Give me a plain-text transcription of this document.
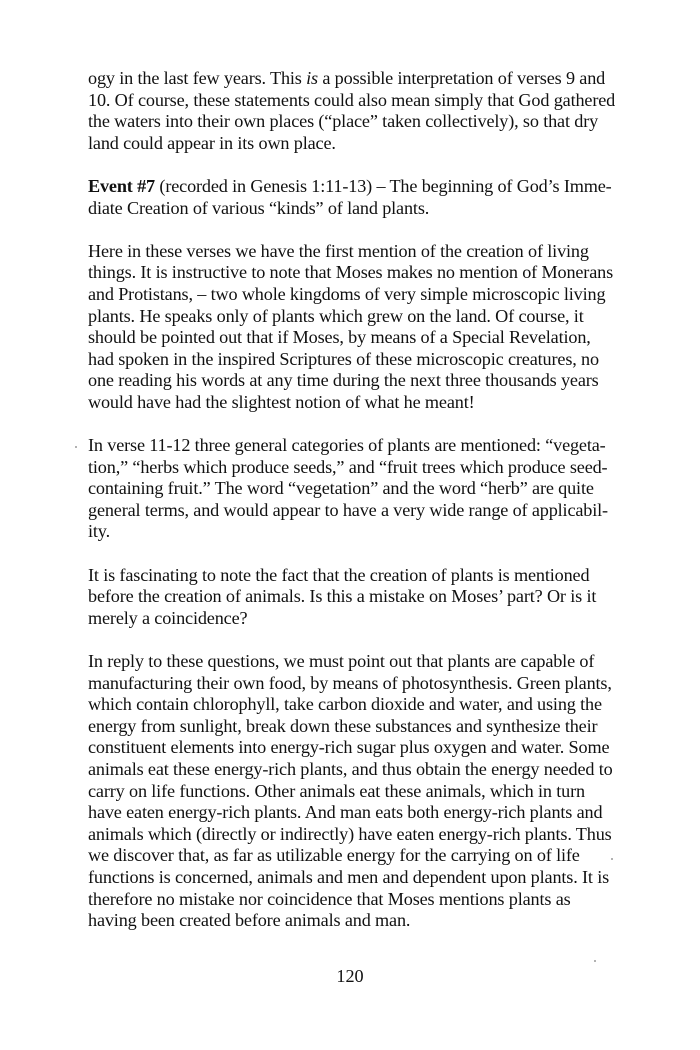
ogy in the last few years. This is a possible interpretation of verses 9 and
10. Of course, these statements could also mean simply that God gathered
the waters into their own places (“place” taken collectively), so that dry
land could appear in its own place.
Event #7 (recorded in Genesis 1:11-13) – The beginning of God’s Imme-
diate Creation of various “kinds” of land plants.
Here in these verses we have the first mention of the creation of living
things. It is instructive to note that Moses makes no mention of Monerans
and Protistans, – two whole kingdoms of very simple microscopic living
plants. He speaks only of plants which grew on the land. Of course, it
should be pointed out that if Moses, by means of a Special Revelation,
had spoken in the inspired Scriptures of these microscopic creatures, no
one reading his words at any time during the next three thousands years
would have had the slightest notion of what he meant!
In verse 11-12 three general categories of plants are mentioned: “vegeta-
tion,” “herbs which produce seeds,” and “fruit trees which produce seed-
containing fruit.” The word “vegetation” and the word “herb” are quite
general terms, and would appear to have a very wide range of applicabil-
ity.
It is fascinating to note the fact that the creation of plants is mentioned
before the creation of animals. Is this a mistake on Moses’ part? Or is it
merely a coincidence?
In reply to these questions, we must point out that plants are capable of
manufacturing their own food, by means of photosynthesis. Green plants,
which contain chlorophyll, take carbon dioxide and water, and using the
energy from sunlight, break down these substances and synthesize their
constituent elements into energy-rich sugar plus oxygen and water. Some
animals eat these energy-rich plants, and thus obtain the energy needed to
carry on life functions. Other animals eat these animals, which in turn
have eaten energy-rich plants. And man eats both energy-rich plants and
animals which (directly or indirectly) have eaten energy-rich plants. Thus
we discover that, as far as utilizable energy for the carrying on of life
functions is concerned, animals and men and dependent upon plants. It is
therefore no mistake nor coincidence that Moses mentions plants as
having been created before animals and man.
120
